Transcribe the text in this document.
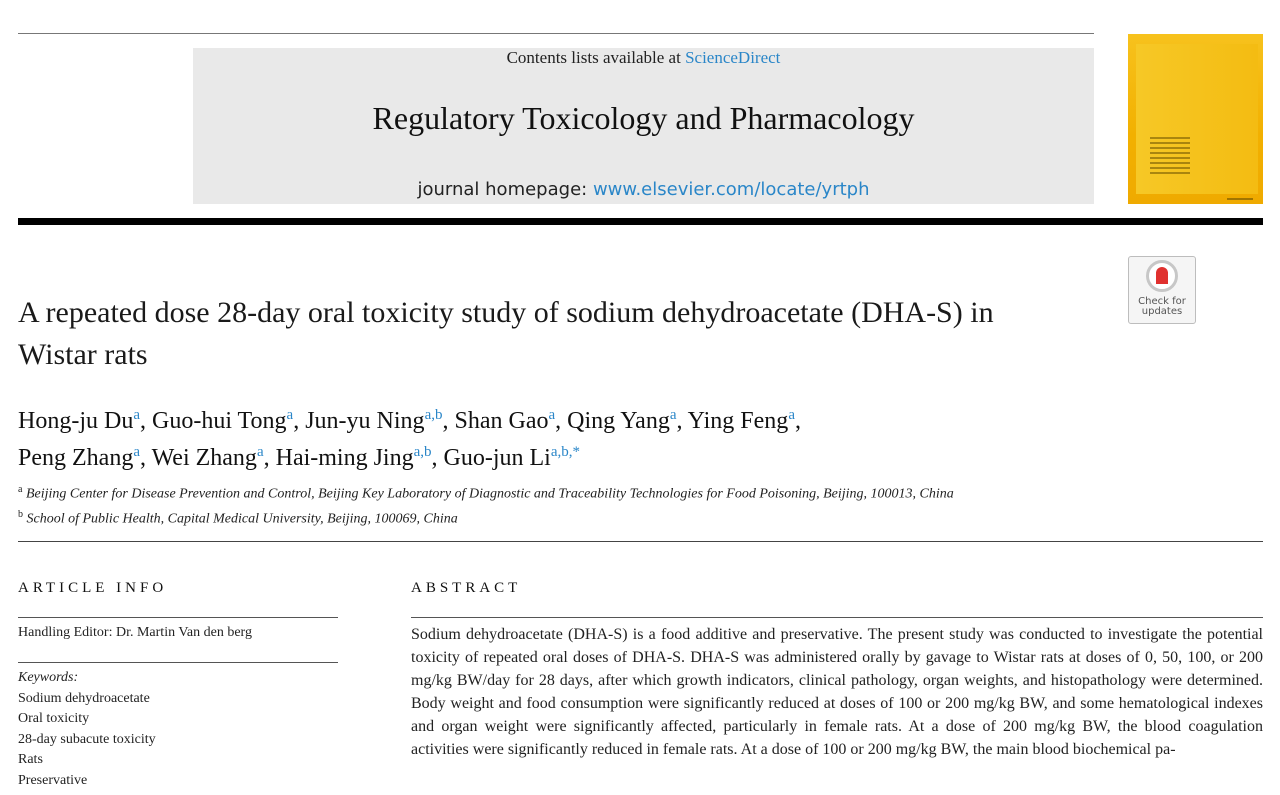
Contents lists available at ScienceDirect
Regulatory Toxicology and Pharmacology
journal homepage: www.elsevier.com/locate/yrtph
Check for
updates
A repeated dose 28-day oral toxicity study of sodium dehydroacetate (DHA-S) in Wistar rats
Hong-ju Du$^a$, Guo-hui Tong$^a$, Jun-yu Ning$^{a,b}$, Shan Gao$^a$, Qing Yang$^a$, Ying Feng$^a$,
Peng Zhang$^a$, Wei Zhang$^a$, Hai-ming Jing$^{a,b}$, Guo-jun $Li^{a,b,*}$
$^a$ Beijing Center for Disease Prevention and Control, Beijing Key Laboratory of Diagnostic and Traceability Technologies for Food Poisoning, Beijing, 100013, China
$^b$ School of Public Health, Capital Medical University, Beijing, 100069, China
ARTICLE INFO	ABSTRACT
Handling Editor: Dr. Martin Van den berg
Keywords:
Sodium dehydroacetate
Oral toxicity
28-day subacute toxicity
Rats
Preservative
Sodium dehydroacetate (DHA-S) is a food additive and preservative. The present study was conducted to investigate the potential toxicity of repeated oral doses of DHA-S. DHA-S was administered orally by gavage to Wistar rats at doses of 0, 50, 100, or 200 mg/kg BW/day for 28 days, after which growth indicators, clinical pathology, organ weights, and histopathology were determined. Body weight and food consumption were significantly reduced at doses of 100 or 200 mg/kg BW, and some hematological indexes and organ weight were significantly affected, particularly in female rats. At a dose of 200 mg/kg BW, the blood coagulation activities were significantly reduced in female rats. At a dose of 100 or 200 mg/kg BW, the main blood biochemical pa-
